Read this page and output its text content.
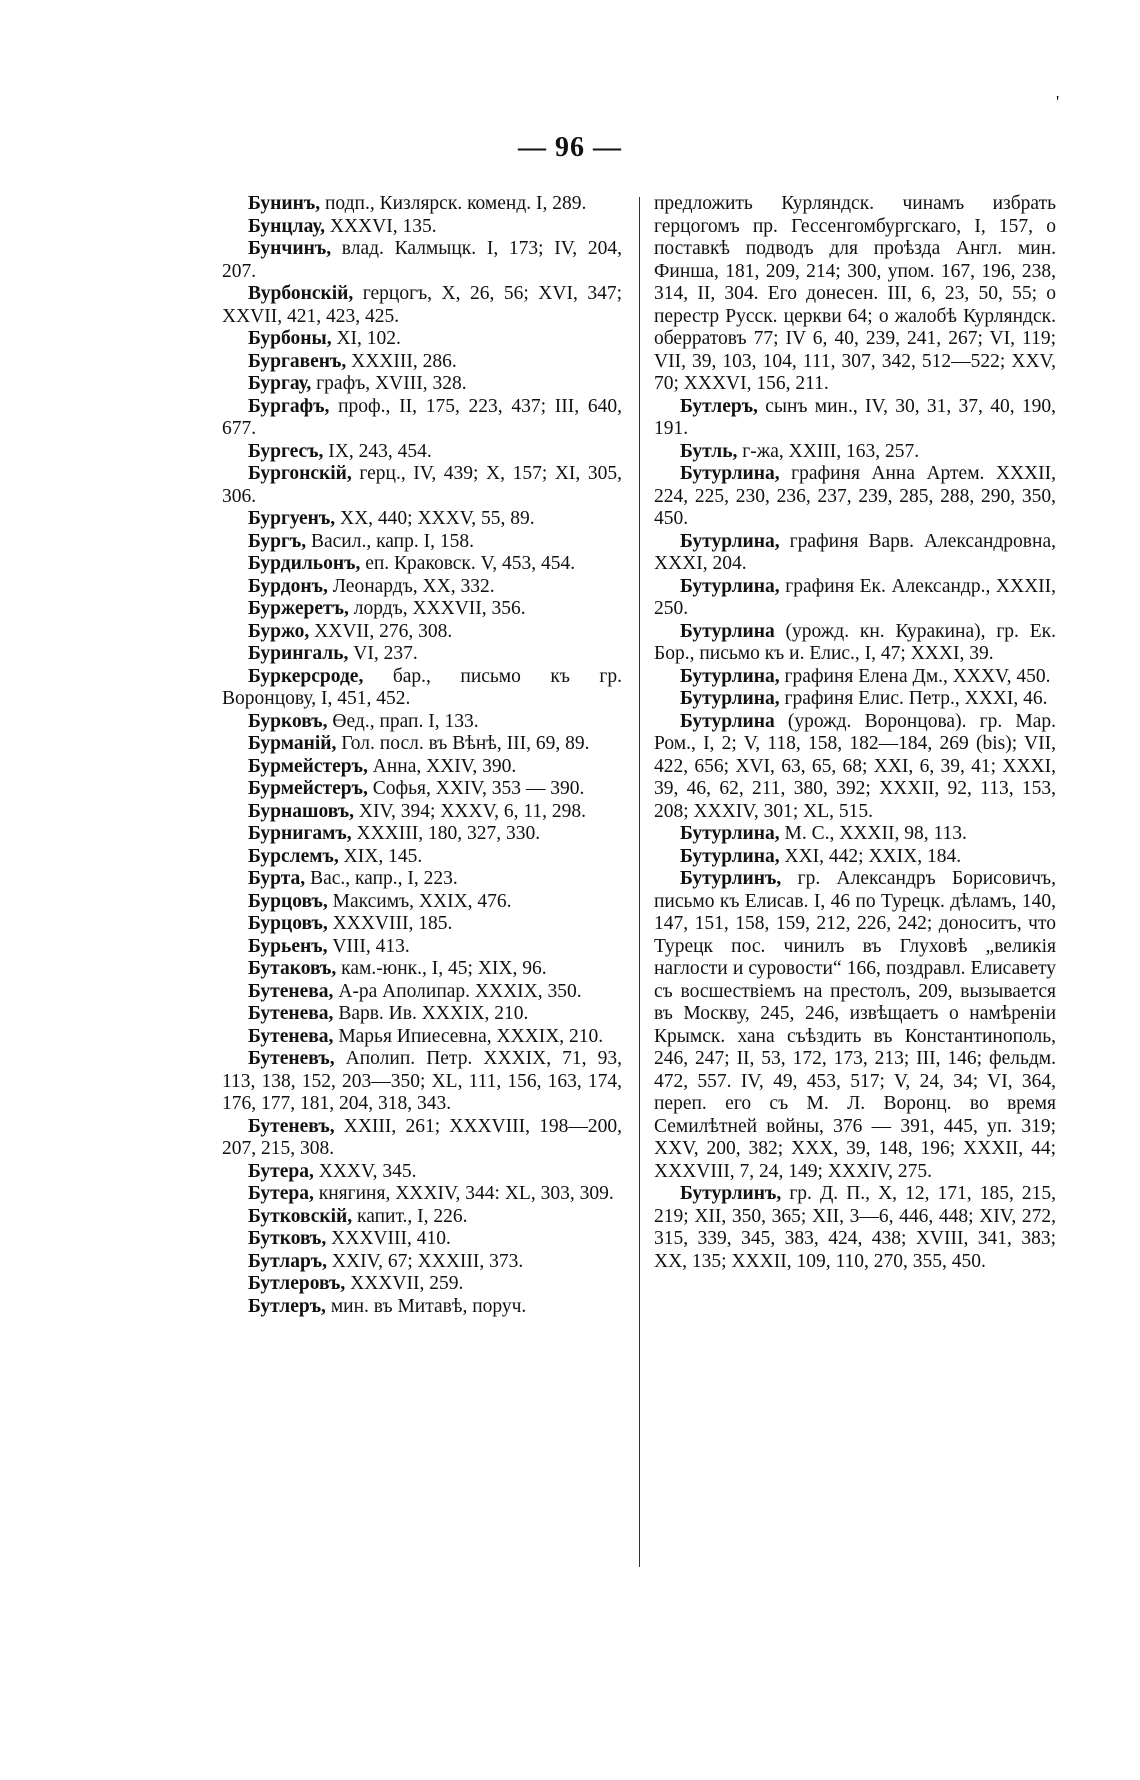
'
— 96 —

Бунинъ, подп., Кизлярск. коменд. I, 289.

Бунцлау, XXXVI, 135.

Бунчинъ, влад. Калмыцк. I, 173; IV, 204, 207.

Вурбонскій, герцогъ, X, 26, 56; XVI, 347; XXVII, 421, 423, 425.

Бурбоны, XI, 102.

Бургавенъ, XXXIII, 286.

Бургау, графъ, XVIII, 328.

Бургафъ, проф., II, 175, 223, 437; III, 640, 677.

Бургесъ, IX, 243, 454.

Бургонскій, герц., IV, 439; X, 157; XI, 305, 306.

Бургуенъ, XX, 440; XXXV, 55, 89.

Бургъ, Васил., капр. I, 158.

Бурдильонъ, еп. Краковск. V, 453, 454.

Бурдонъ, Леонардъ, XX, 332.

Буржеретъ, лордъ, XXXVII, 356.

Буржо, XXVII, 276, 308.

Бурингаль, VI, 237.

Буркерсроде, бар., письмо къ гр. Воронцову, I, 451, 452.

Бурковъ, Өед., прап. I, 133.

Бурманій, Гол. посл. въ Вѣнѣ, III, 69, 89.

Бурмейстеръ, Анна, XXIV, 390.

Бурмейстеръ, Софья, XXIV, 353 — 390.

Бурнашовъ, XIV, 394; XXXV, 6, 11, 298.

Бурнигамъ, XXXIII, 180, 327, 330.

Бурслемъ, XIX, 145.

Бурта, Вас., капр., I, 223.

Бурцовъ, Максимъ, XXIX, 476.

Бурцовъ, XXXVIII, 185.

Бурьенъ, VIII, 413.

Бутаковъ, кам.-юнк., I, 45; XIX, 96.

Бутенева, А-ра Аполипар. XXXIX, 350.

Бутенева, Варв. Ив. XXXIX, 210.

Бутенева, Марья Ипиесевна, XXXIX, 210.

Бутеневъ, Аполип. Петр. XXXIX, 71, 93, 113, 138, 152, 203—350; XL, 111, 156, 163, 174, 176, 177, 181, 204, 318, 343.

Бутеневъ, XXIII, 261; XXXVIII, 198—200, 207, 215, 308.

Бутера, XXXV, 345.

Бутера, княгиня, XXXIV, 344: XL, 303, 309.

Бутковскій, капит., I, 226.

Бутковъ, XXXVIII, 410.

Бутларъ, XXIV, 67; XXXIII, 373.

Бутлеровъ, XXXVII, 259.

Бутлеръ, мин. въ Митавѣ, поруч.

предложить Курляндск. чинамъ избрать герцогомъ пр. Гессенгомбургскаго, I, 157, о поставкѣ подводъ для проѣзда Англ. мин. Финша, 181, 209, 214; 300, упом. 167, 196, 238, 314, II, 304. Его донесен. III, 6, 23, 50, 55; о перестр Русск. церкви 64; о жалобѣ Курляндск. оберратовъ 77; IV 6, 40, 239, 241, 267; VI, 119; VII, 39, 103, 104, 111, 307, 342, 512—522; XXV, 70; XXXVI, 156, 211.

Бутлеръ, сынъ мин., IV, 30, 31, 37, 40, 190, 191.

Бутль, г-жа, XXIII, 163, 257.

Бутурлина, графиня Анна Артем. XXXII, 224, 225, 230, 236, 237, 239, 285, 288, 290, 350, 450.

Бутурлина, графиня Варв. Александровна, XXXI, 204.

Бутурлина, графиня Ек. Александр., XXXII, 250.

Бутурлина (урожд. кн. Куракина), гр. Ек. Бор., письмо къ и. Елис., I, 47; XXXI, 39.

Бутурлина, графиня Елена Дм., XXXV, 450.

Бутурлина, графиня Елис. Петр., XXXI, 46.

Бутурлина (урожд. Воронцова). гр. Мар. Ром., I, 2; V, 118, 158, 182—184, 269 (bis); VII, 422, 656; XVI, 63, 65, 68; XXI, 6, 39, 41; XXXI, 39, 46, 62, 211, 380, 392; XXXII, 92, 113, 153, 208; XXXIV, 301; XL, 515.

Бутурлина, М. С., XXXII, 98, 113.

Бутурлина, XXI, 442; XXIX, 184.

Бутурлинъ, гр. Александръ Борисовичъ, письмо къ Елисав. I, 46 по Турецк. дѣламъ, 140, 147, 151, 158, 159, 212, 226, 242; доноситъ, что Турецк пос. чинилъ въ Глуховѣ „великія наглости и суровости“ 166, поздравл. Елисавету съ восшествіемъ на престолъ, 209, вызывается въ Москву, 245, 246, извѣщаетъ о намѣреніи Крымск. хана съѣздить въ Константинополь, 246, 247; II, 53, 172, 173, 213; III, 146; фельдм. 472, 557. IV, 49, 453, 517; V, 24, 34; VI, 364, переп. его съ М. Л. Воронц. во время Семилѣтней войны, 376 — 391, 445, уп. 319; XXV, 200, 382; XXX, 39, 148, 196; XXXII, 44; XXXVIII, 7, 24, 149; XXXIV, 275.

Бутурлинъ, гр. Д. П., X, 12, 171, 185, 215, 219; XII, 350, 365; XII, 3—6, 446, 448; XIV, 272, 315, 339, 345, 383, 424, 438; XVIII, 341, 383; XX, 135; XXXII, 109, 110, 270, 355, 450.
